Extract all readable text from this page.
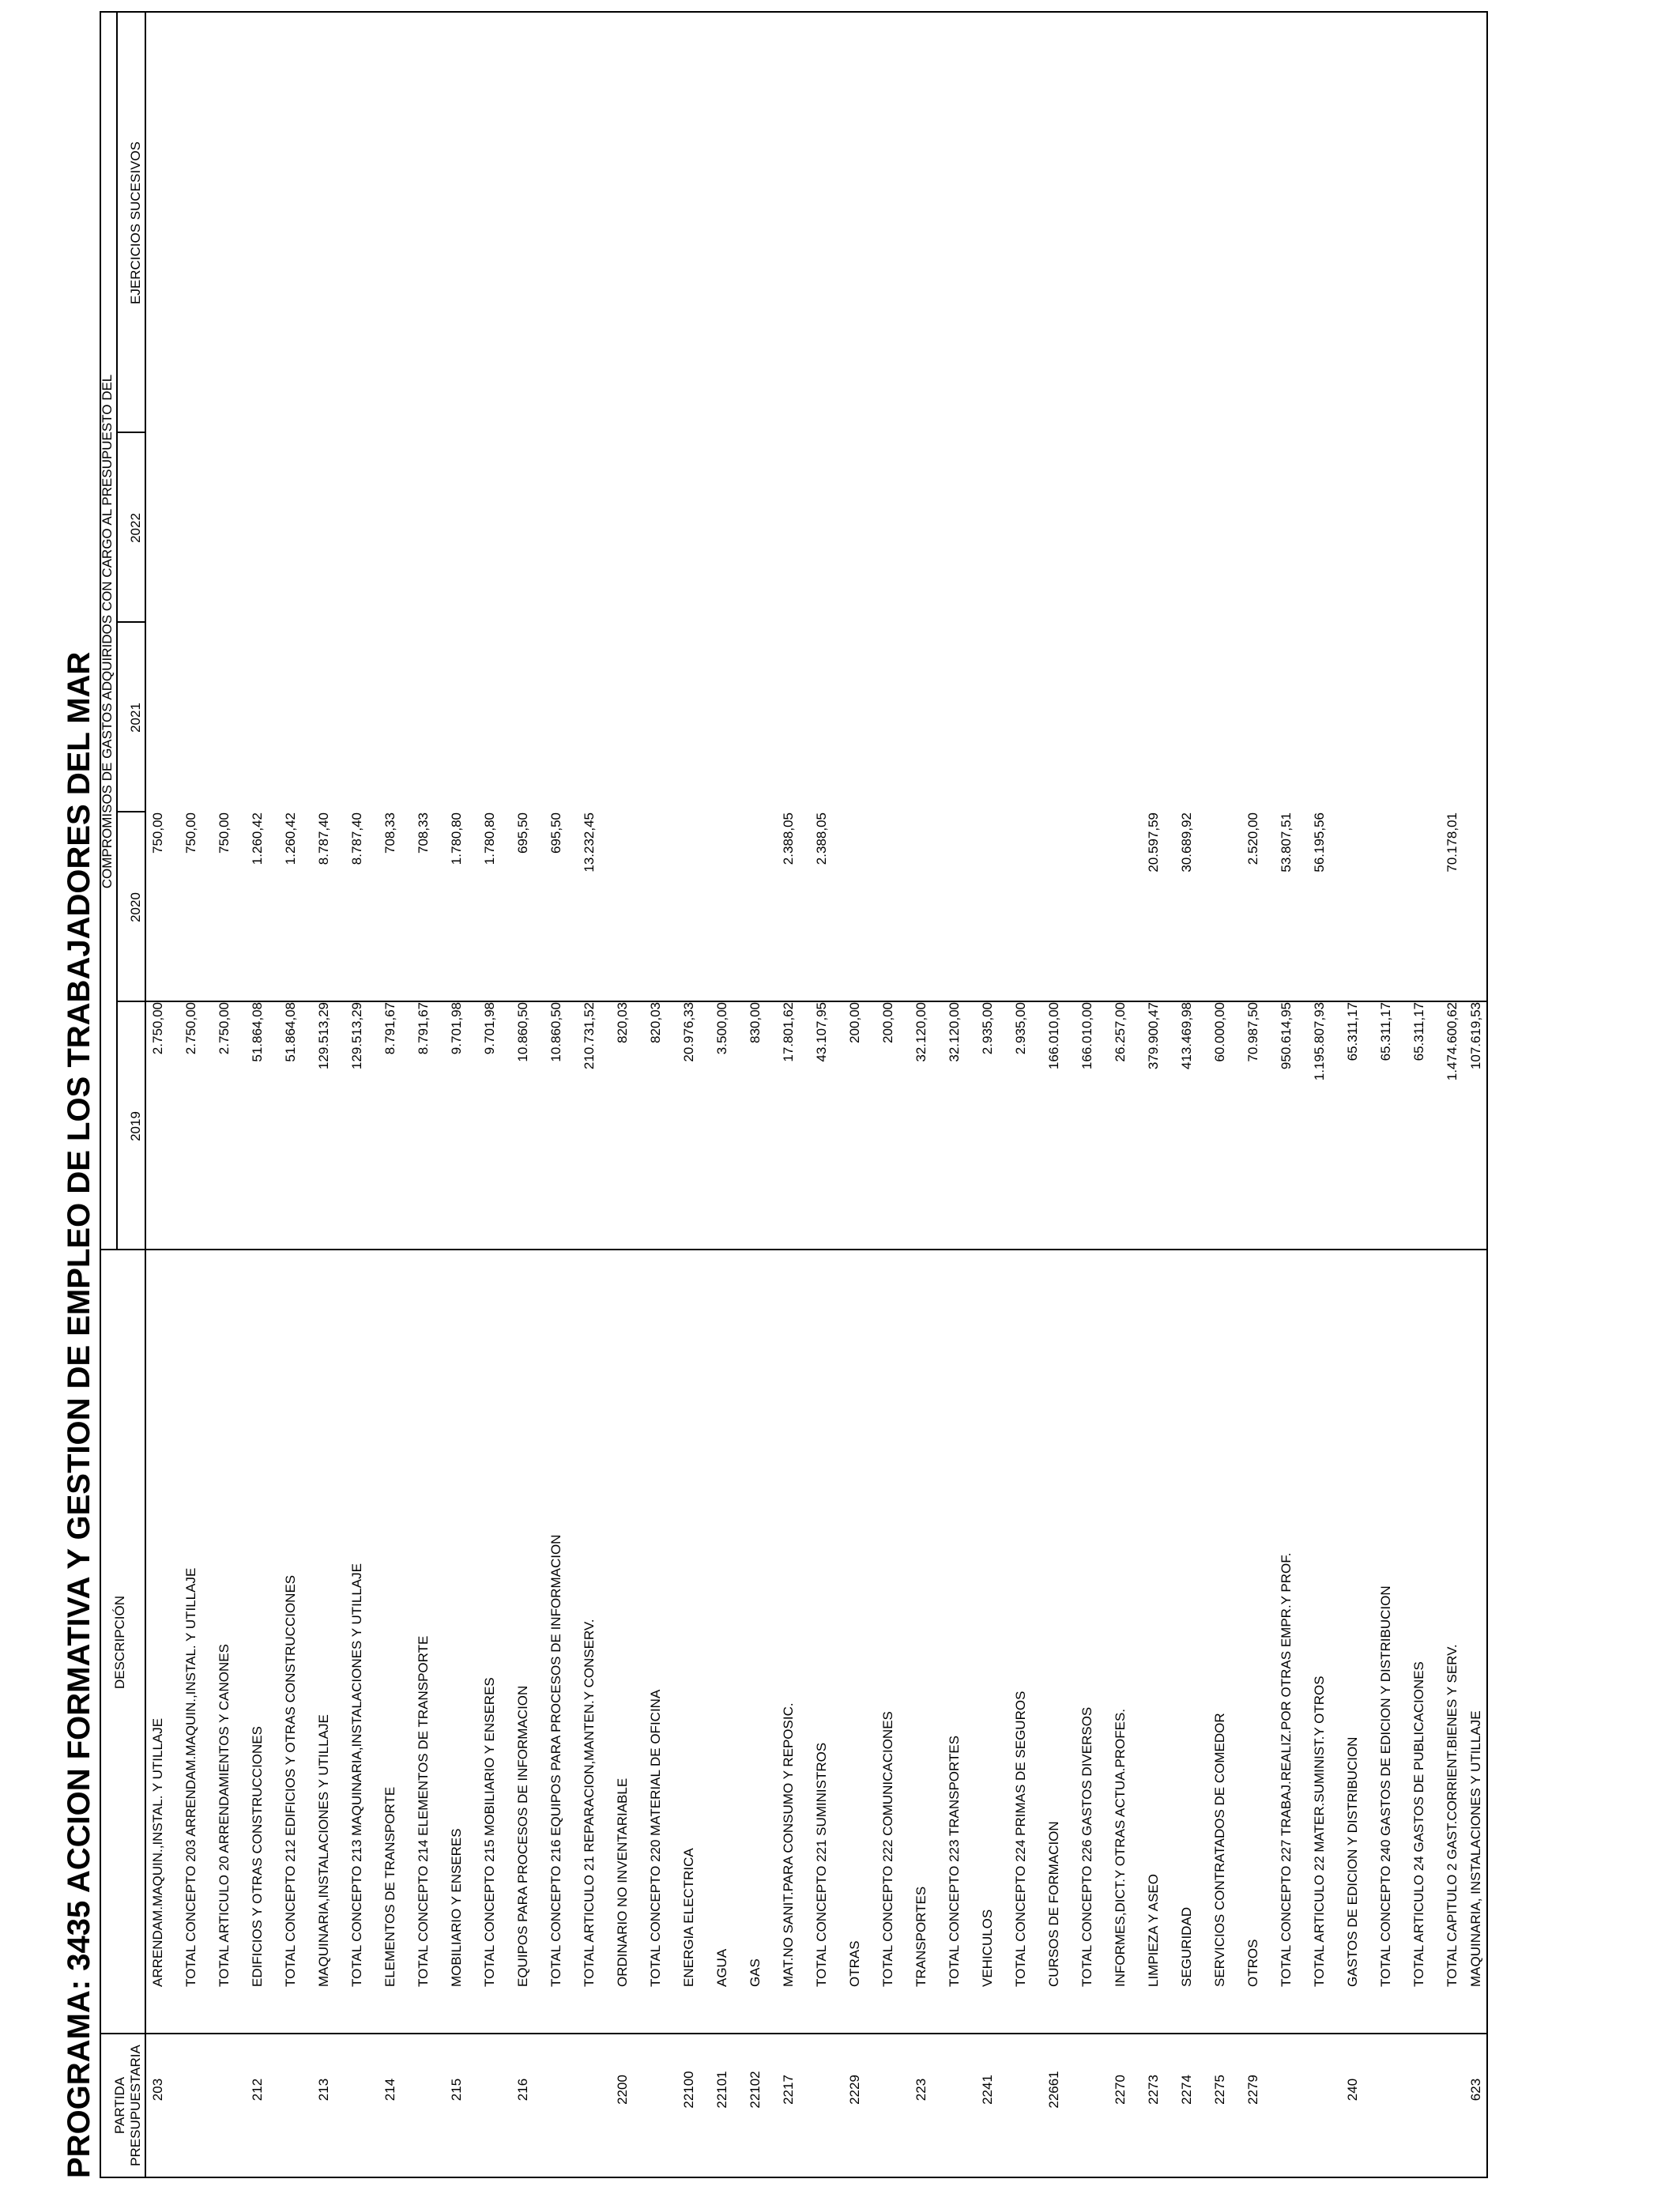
PROGRAMA: 3435 ACCION FORMATIVA Y GESTION DE EMPLEO DE LOS TRABAJADORES DEL MAR PARTIDA PRESUPUESTARIA
DESCRIPCIÓN
COMPROMISOS DE GASTOS ADQUIRIDOS CON CARGO AL PRESUPUESTO DEL
2019
2020
2021
2022
EJERCICIOS SUCESIVOS
203
ARRENDAM.MAQUIN.,INSTAL. Y UTILLAJE
2.750,00
750,00
TOTAL CONCEPTO 203 ARRENDAM.MAQUIN.,INSTAL. Y UTILLAJE
2.750,00
750,00
TOTAL ARTICULO 20 ARRENDAMIENTOS Y CANONES
2.750,00
750,00
212
EDIFICIOS Y OTRAS CONSTRUCCIONES
51.864,08
1.260,42
TOTAL CONCEPTO 212 EDIFICIOS Y OTRAS CONSTRUCCIONES
51.864,08
1.260,42
213
MAQUINARIA,INSTALACIONES Y UTILLAJE
129.513,29
8.787,40
TOTAL CONCEPTO 213 MAQUINARIA,INSTALACIONES Y UTILLAJE
129.513,29
8.787,40
214
ELEMENTOS DE TRANSPORTE
8.791,67
708,33
TOTAL CONCEPTO 214 ELEMENTOS DE TRANSPORTE
8.791,67
708,33
215
MOBILIARIO Y ENSERES
9.701,98
1.780,80
TOTAL CONCEPTO 215 MOBILIARIO Y ENSERES
9.701,98
1.780,80
216
EQUIPOS PARA PROCESOS DE INFORMACION
10.860,50
695,50
TOTAL CONCEPTO 216 EQUIPOS PARA PROCESOS DE INFORMACION
10.860,50
695,50
TOTAL ARTICULO 21 REPARACION,MANTEN.Y CONSERV.
210.731,52
13.232,45
2200
ORDINARIO NO INVENTARIABLE
820,03
TOTAL CONCEPTO 220 MATERIAL DE OFICINA
820,03
22100
ENERGIA ELECTRICA
20.976,33
22101
AGUA
3.500,00
22102
GAS
830,00
2217
MAT.NO SANIT.PARA CONSUMO Y REPOSIC.
17.801,62
2.388,05
TOTAL CONCEPTO 221 SUMINISTROS
43.107,95
2.388,05
2229
OTRAS
200,00
TOTAL CONCEPTO 222 COMUNICACIONES
200,00
223
TRANSPORTES
32.120,00
TOTAL CONCEPTO 223 TRANSPORTES
32.120,00
2241
VEHICULOS
2.935,00
TOTAL CONCEPTO 224 PRIMAS DE SEGUROS
2.935,00
22661
CURSOS DE FORMACION
166.010,00
TOTAL CONCEPTO 226 GASTOS DIVERSOS
166.010,00
2270
INFORMES,DICT.Y OTRAS ACTUA.PROFES.
26.257,00
2273
LIMPIEZA Y ASEO
379.900,47
20.597,59
2274
SEGURIDAD
413.469,98
30.689,92
2275
SERVICIOS CONTRATADOS DE COMEDOR
60.000,00
2279
OTROS
70.987,50
2.520,00
TOTAL CONCEPTO 227 TRABAJ.REALIZ.POR OTRAS EMPR.Y PROF.
950.614,95
53.807,51
TOTAL ARTICULO 22 MATER.SUMINIST.Y OTROS
1.195.807,93
56.195,56
240
GASTOS DE EDICION Y DISTRIBUCION
65.311,17
TOTAL CONCEPTO 240 GASTOS DE EDICION Y DISTRIBUCION
65.311,17
TOTAL ARTICULO 24 GASTOS DE PUBLICACIONES
65.311,17
TOTAL CAPITULO 2 GAST.CORRIENT.BIENES Y SERV.
1.474.600,62
70.178,01
623
MAQUINARIA, INSTALACIONES Y UTILLAJE
107.619,53
